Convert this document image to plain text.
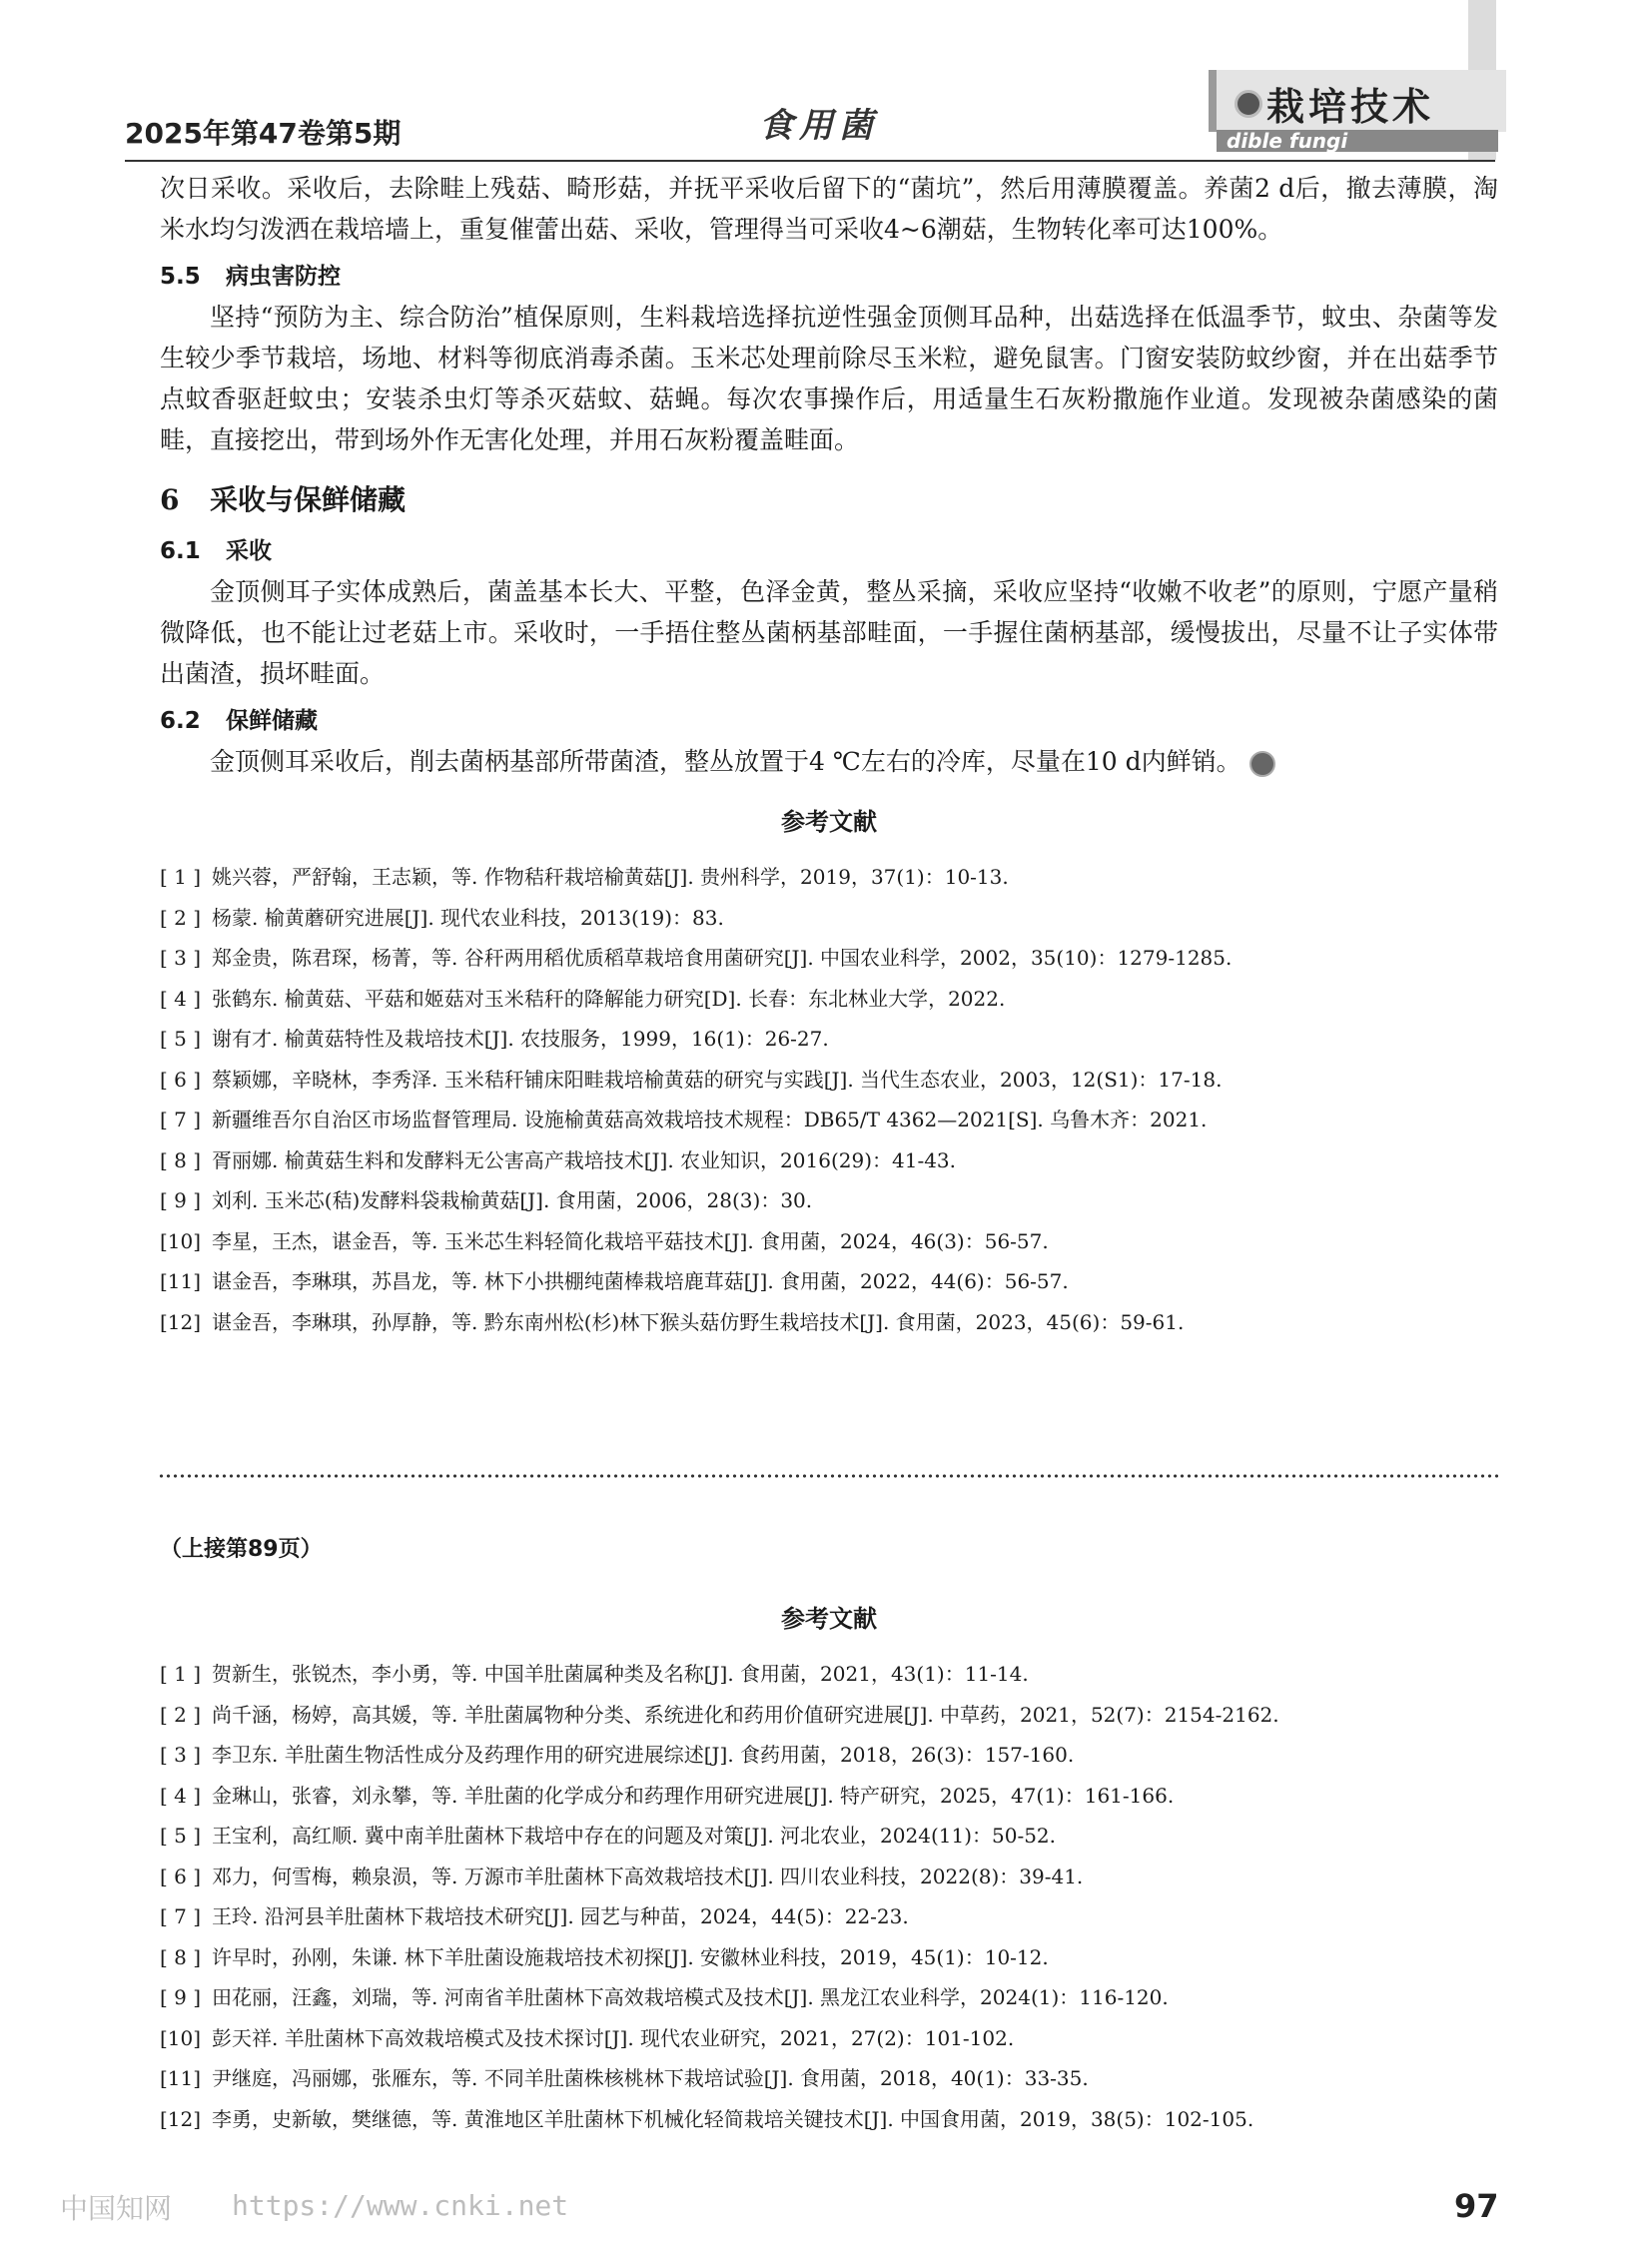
2025年第47卷第5期	食用菌	栽培技术
dible fungi

次日采收。采收后，去除畦上残菇、畸形菇，并抚平采收后留下的“菌坑”，然后用薄膜覆盖。养菌2 d后，撤去薄膜，淘米水均匀泼洒在栽培墙上，重复催蕾出菇、采收，管理得当可采收4~6潮菇，生物转化率可达100%。

5.5 病虫害防控

坚持“预防为主、综合防治”植保原则，生料栽培选择抗逆性强金顶侧耳品种，出菇选择在低温季节，蚊虫、杂菌等发生较少季节栽培，场地、材料等彻底消毒杀菌。玉米芯处理前除尽玉米粒，避免鼠害。门窗安装防蚊纱窗，并在出菇季节点蚊香驱赶蚊虫；安装杀虫灯等杀灭菇蚊、菇蝇。每次农事操作后，用适量生石灰粉撒施作业道。发现被杂菌感染的菌畦，直接挖出，带到场外作无害化处理，并用石灰粉覆盖畦面。

6 采收与保鲜储藏
6.1 采收

金顶侧耳子实体成熟后，菌盖基本长大、平整，色泽金黄，整丛采摘，采收应坚持“收嫩不收老”的原则，宁愿产量稍微降低，也不能让过老菇上市。采收时，一手捂住整丛菌柄基部畦面，一手握住菌柄基部，缓慢拔出，尽量不让子实体带出菌渣，损坏畦面。

6.2 保鲜储藏

金顶侧耳采收后，削去菌柄基部所带菌渣，整丛放置于4 ℃左右的冷库，尽量在10 d内鲜销。

参考文献
[ 1 ] 姚兴蓉，严舒翰，王志颖，等. 作物秸秆栽培榆黄菇[J]. 贵州科学，2019，37(1)：10-13.
[ 2 ] 杨蒙. 榆黄蘑研究进展[J]. 现代农业科技，2013(19)：83.
[ 3 ] 郑金贵，陈君琛，杨菁，等. 谷秆两用稻优质稻草栽培食用菌研究[J]. 中国农业科学，2002，35(10)：1279-1285.
[ 4 ] 张鹤东. 榆黄菇、平菇和姬菇对玉米秸秆的降解能力研究[D]. 长春：东北林业大学，2022.
[ 5 ] 谢有才. 榆黄菇特性及栽培技术[J]. 农技服务，1999，16(1)：26-27.
[ 6 ] 蔡颖娜，辛晓林，李秀泽. 玉米秸秆铺床阳畦栽培榆黄菇的研究与实践[J]. 当代生态农业，2003，12(S1)：17-18.
[ 7 ] 新疆维吾尔自治区市场监督管理局. 设施榆黄菇高效栽培技术规程：DB65/T 4362—2021[S]. 乌鲁木齐：2021.
[ 8 ] 胥丽娜. 榆黄菇生料和发酵料无公害高产栽培技术[J]. 农业知识，2016(29)：41-43.
[ 9 ] 刘利. 玉米芯(秸)发酵料袋栽榆黄菇[J]. 食用菌，2006，28(3)：30.
[10] 李星，王杰，谌金吾，等. 玉米芯生料轻简化栽培平菇技术[J]. 食用菌，2024，46(3)：56-57.
[11] 谌金吾，李琳琪，苏昌龙，等. 林下小拱棚纯菌棒栽培鹿茸菇[J]. 食用菌，2022，44(6)：56-57.
[12] 谌金吾，李琳琪，孙厚静，等. 黔东南州松(杉)林下猴头菇仿野生栽培技术[J]. 食用菌，2023，45(6)：59-61.

（上接第89页）

参考文献
[ 1 ] 贺新生，张锐杰，李小勇，等. 中国羊肚菌属种类及名称[J]. 食用菌，2021，43(1)：11-14.
[ 2 ] 尚千涵，杨婷，高其媛，等. 羊肚菌属物种分类、系统进化和药用价值研究进展[J]. 中草药，2021，52(7)：2154-2162.
[ 3 ] 李卫东. 羊肚菌生物活性成分及药理作用的研究进展综述[J]. 食药用菌，2018，26(3)：157-160.
[ 4 ] 金琳山，张睿，刘永攀，等. 羊肚菌的化学成分和药理作用研究进展[J]. 特产研究，2025，47(1)：161-166.
[ 5 ] 王宝利，高红顺. 冀中南羊肚菌林下栽培中存在的问题及对策[J]. 河北农业，2024(11)：50-52.
[ 6 ] 邓力，何雪梅，赖泉涢，等. 万源市羊肚菌林下高效栽培技术[J]. 四川农业科技，2022(8)：39-41.
[ 7 ] 王玲. 沿河县羊肚菌林下栽培技术研究[J]. 园艺与种苗，2024，44(5)：22-23.
[ 8 ] 许早时，孙刚，朱谦. 林下羊肚菌设施栽培技术初探[J]. 安徽林业科技，2019，45(1)：10-12.
[ 9 ] 田花丽，汪鑫，刘瑞，等. 河南省羊肚菌林下高效栽培模式及技术[J]. 黑龙江农业科学，2024(1)：116-120.
[10] 彭天祥. 羊肚菌林下高效栽培模式及技术探讨[J]. 现代农业研究，2021，27(2)：101-102.
[11] 尹继庭，冯丽娜，张雁东，等. 不同羊肚菌株核桃林下栽培试验[J]. 食用菌，2018，40(1)：33-35.
[12] 李勇，史新敏，樊继德，等. 黄淮地区羊肚菌林下机械化轻简栽培关键技术[J]. 中国食用菌，2019，38(5)：102-105.
中国知网 https://www.cnki.net	97
